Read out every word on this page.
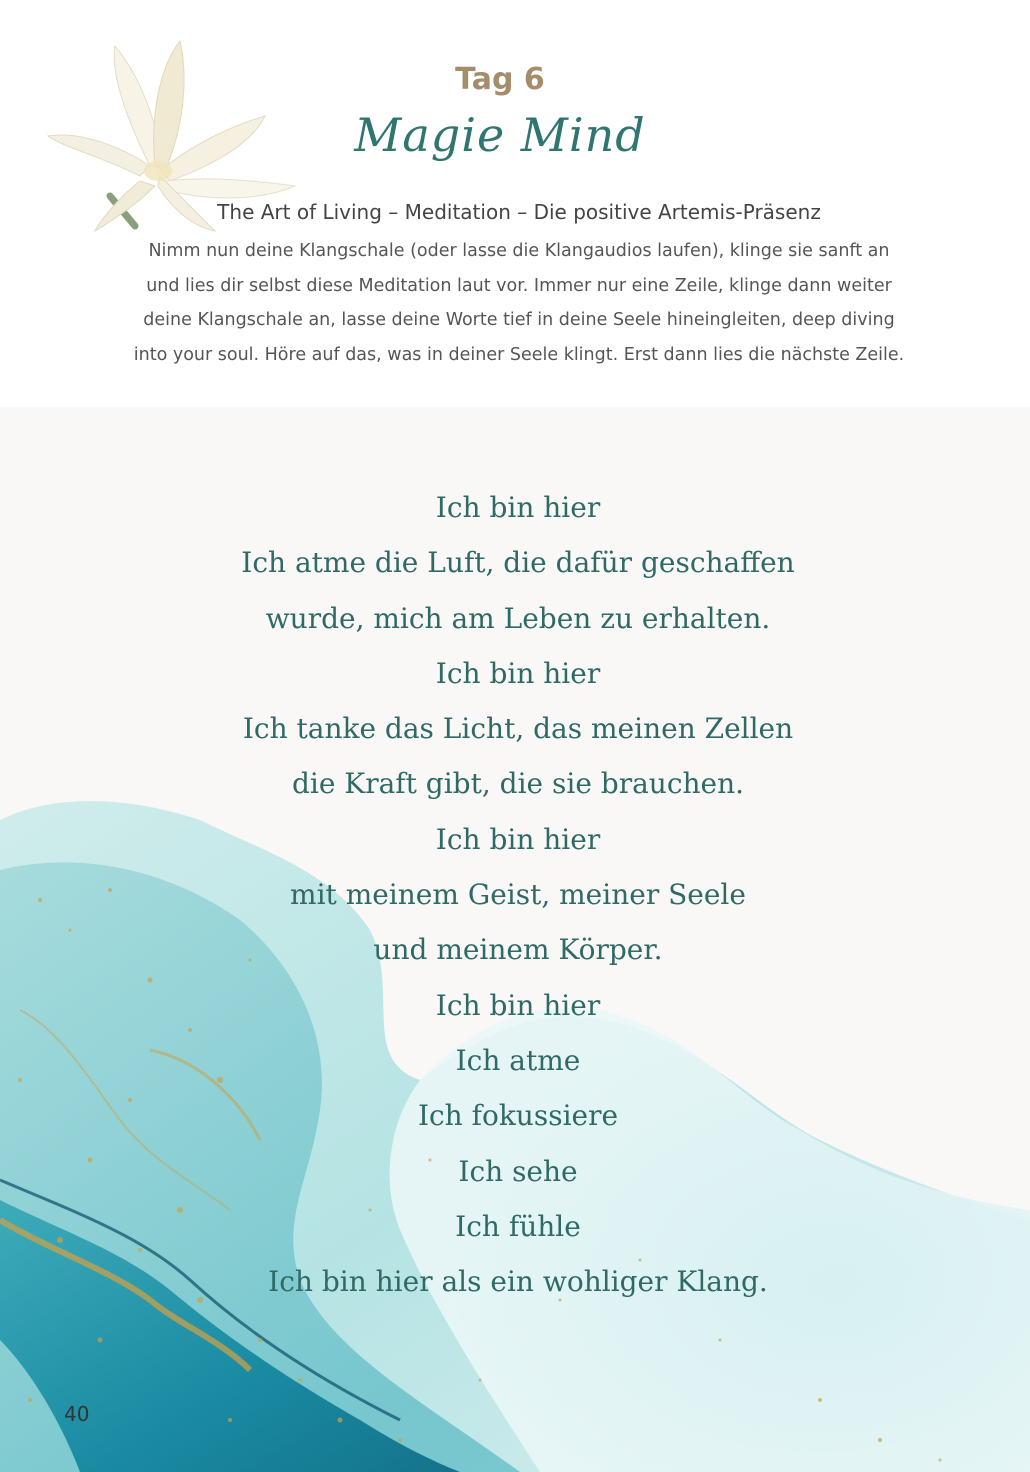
Tag 6
Magie Mind
The Art of Living – Meditation – Die positive Artemis-Präsenz
Nimm nun deine Klangschale (oder lasse die Klangaudios laufen), klinge sie sanft an
und lies dir selbst diese Meditation laut vor. Immer nur eine Zeile, klinge dann weiter
deine Klangschale an, lasse deine Worte tief in deine Seele hineingleiten, deep diving
into your soul. Höre auf das, was in deiner Seele klingt. Erst dann lies die nächste Zeile.
Ich bin hier
Ich atme die Luft, die dafür geschaffen
wurde, mich am Leben zu erhalten.
Ich bin hier
Ich tanke das Licht, das meinen Zellen
die Kraft gibt, die sie brauchen.
Ich bin hier
mit meinem Geist, meiner Seele
und meinem Körper.
Ich bin hier
Ich atme
Ich fokussiere
Ich sehe
Ich fühle
Ich bin hier als ein wohliger Klang.
40
